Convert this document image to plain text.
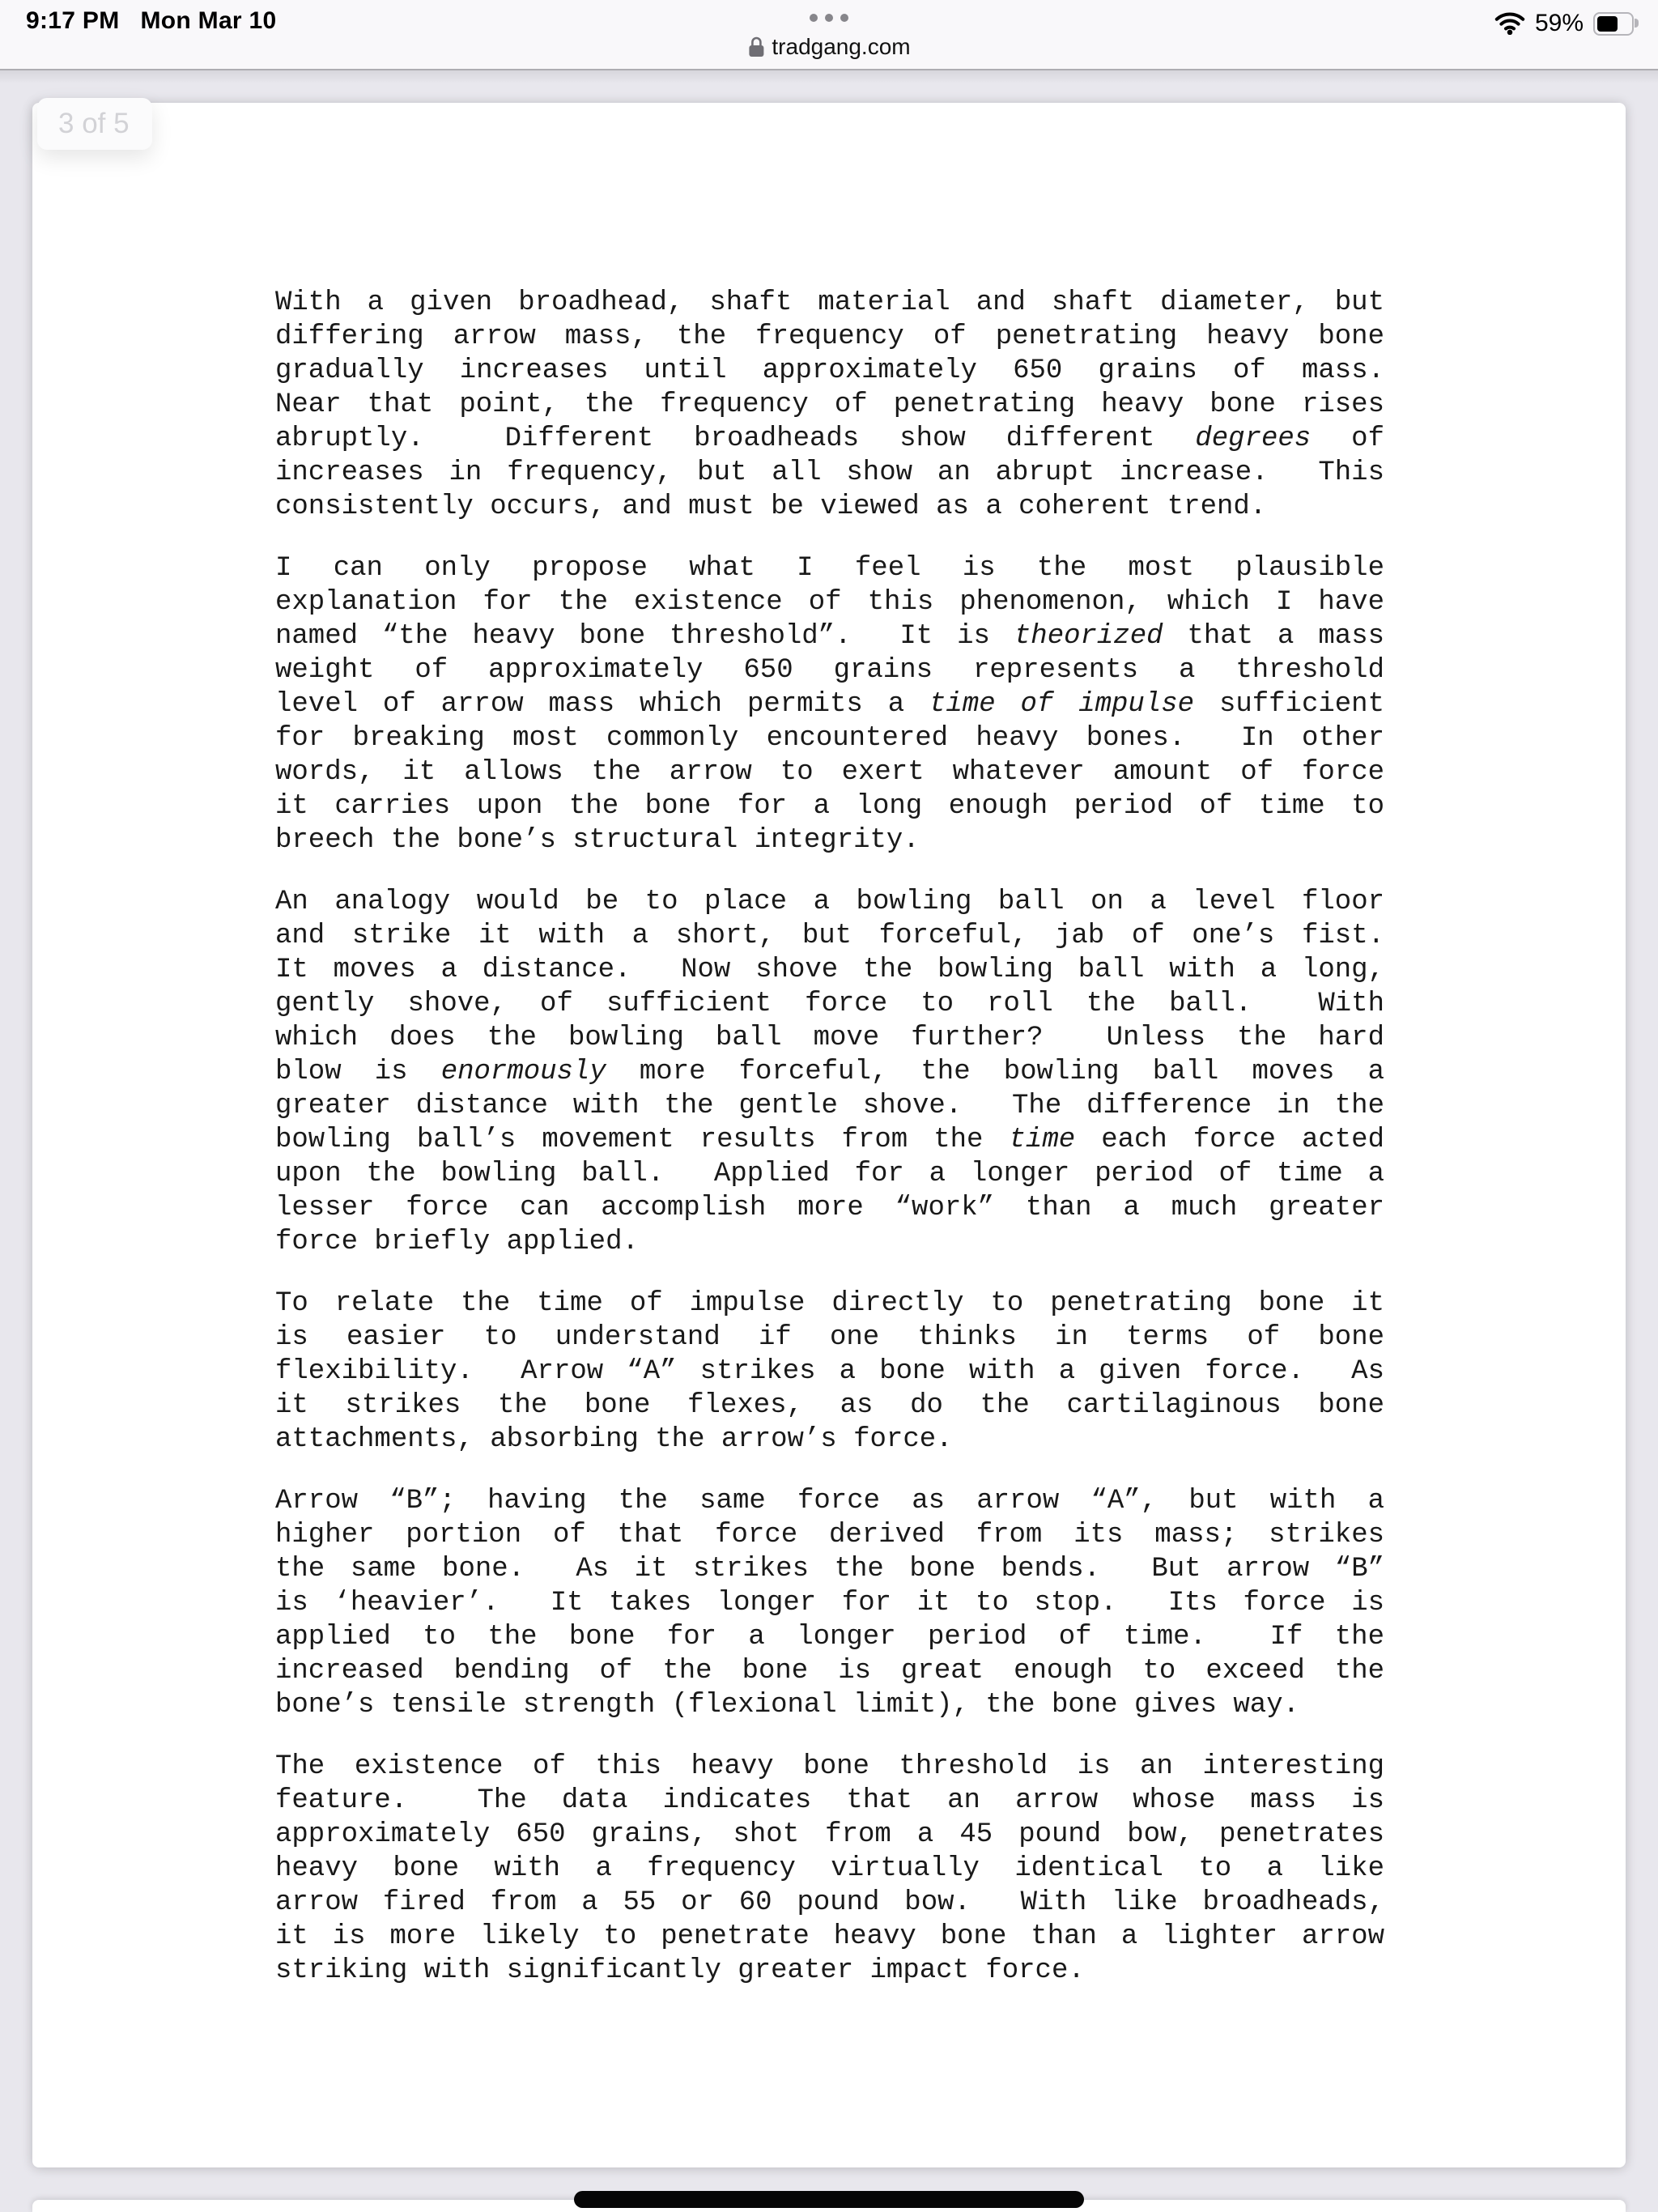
9:17 PM Mon Mar 10
tradgang.com
59%
With a given broadhead, shaft material and shaft diameter, but
differing arrow mass, the frequency of penetrating heavy bone
gradually increases until approximately 650 grains of mass.
Near that point, the frequency of penetrating heavy bone rises
abruptly.  Different broadheads show different degrees of
increases in frequency, but all show an abrupt increase.  This
consistently occurs, and must be viewed as a coherent trend.
I can only propose what I feel is the most plausible
explanation for the existence of this phenomenon, which I have
named “the heavy bone threshold”.  It is theorized that a mass
weight of approximately 650 grains represents a threshold
level of arrow mass which permits a time of impulse sufficient
for breaking most commonly encountered heavy bones.  In other
words, it allows the arrow to exert whatever amount of force
it carries upon the bone for a long enough period of time to
breech the bone’s structural integrity.
An analogy would be to place a bowling ball on a level floor
and strike it with a short, but forceful, jab of one’s fist.
It moves a distance.  Now shove the bowling ball with a long,
gently shove, of sufficient force to roll the ball.  With
which does the bowling ball move further?  Unless the hard
blow is enormously more forceful, the bowling ball moves a
greater distance with the gentle shove.  The difference in the
bowling ball’s movement results from the time each force acted
upon the bowling ball.  Applied for a longer period of time a
lesser force can accomplish more “work” than a much greater
force briefly applied.
To relate the time of impulse directly to penetrating bone it
is easier to understand if one thinks in terms of bone
flexibility.  Arrow “A” strikes a bone with a given force.  As
it strikes the bone flexes, as do the cartilaginous bone
attachments, absorbing the arrow’s force.
Arrow “B”; having the same force as arrow “A”, but with a
higher portion of that force derived from its mass; strikes
the same bone.  As it strikes the bone bends.  But arrow “B”
is ‘heavier’.  It takes longer for it to stop.  Its force is
applied to the bone for a longer period of time.  If the
increased bending of the bone is great enough to exceed the
bone’s tensile strength (flexional limit), the bone gives way.
The existence of this heavy bone threshold is an interesting
feature.  The data indicates that an arrow whose mass is
approximately 650 grains, shot from a 45 pound bow, penetrates
heavy bone with a frequency virtually identical to a like
arrow fired from a 55 or 60 pound bow.  With like broadheads,
it is more likely to penetrate heavy bone than a lighter arrow
striking with significantly greater impact force.
3 of 5
